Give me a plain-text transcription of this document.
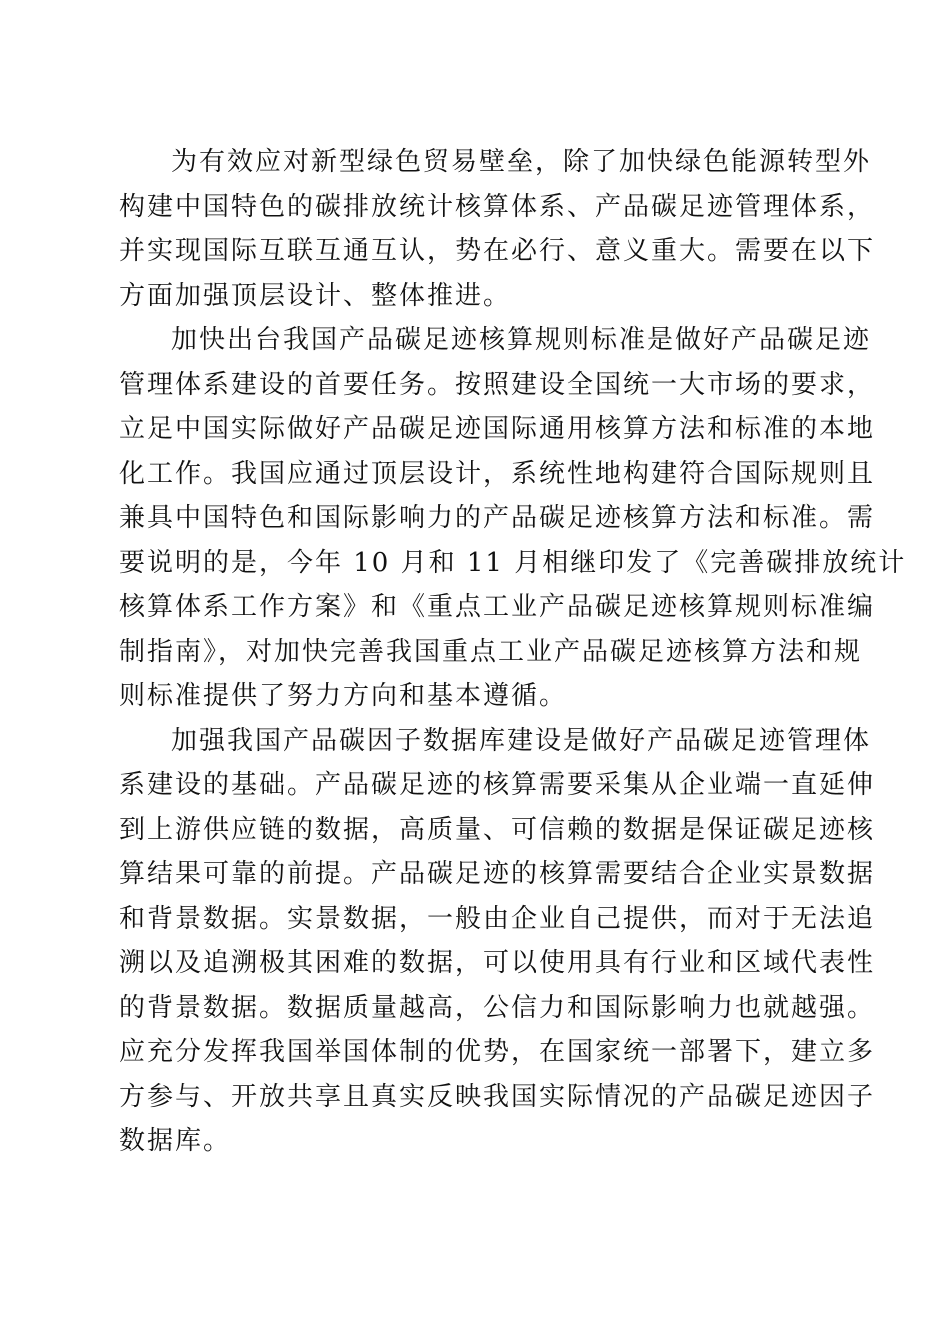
为有效应对新型绿色贸易壁垒，除了加快绿色能源转型外
构建中国特色的碳排放统计核算体系、产品碳足迹管理体系，
并实现国际互联互通互认，势在必行、意义重大。需要在以下
方面加强顶层设计、整体推进。
加快出台我国产品碳足迹核算规则标准是做好产品碳足迹
管理体系建设的首要任务。按照建设全国统一大市场的要求，
立足中国实际做好产品碳足迹国际通用核算方法和标准的本地
化工作。我国应通过顶层设计，系统性地构建符合国际规则且
兼具中国特色和国际影响力的产品碳足迹核算方法和标准。需
要说明的是，今年 10 月和 11 月相继印发了《完善碳排放统计
核算体系工作方案》和《重点工业产品碳足迹核算规则标准编
制指南》，对加快完善我国重点工业产品碳足迹核算方法和规
则标准提供了努力方向和基本遵循。
加强我国产品碳因子数据库建设是做好产品碳足迹管理体
系建设的基础。产品碳足迹的核算需要采集从企业端一直延伸
到上游供应链的数据，高质量、可信赖的数据是保证碳足迹核
算结果可靠的前提。产品碳足迹的核算需要结合企业实景数据
和背景数据。实景数据，一般由企业自己提供，而对于无法追
溯以及追溯极其困难的数据，可以使用具有行业和区域代表性
的背景数据。数据质量越高，公信力和国际影响力也就越强。
应充分发挥我国举国体制的优势，在国家统一部署下，建立多
方参与、开放共享且真实反映我国实际情况的产品碳足迹因子
数据库。
